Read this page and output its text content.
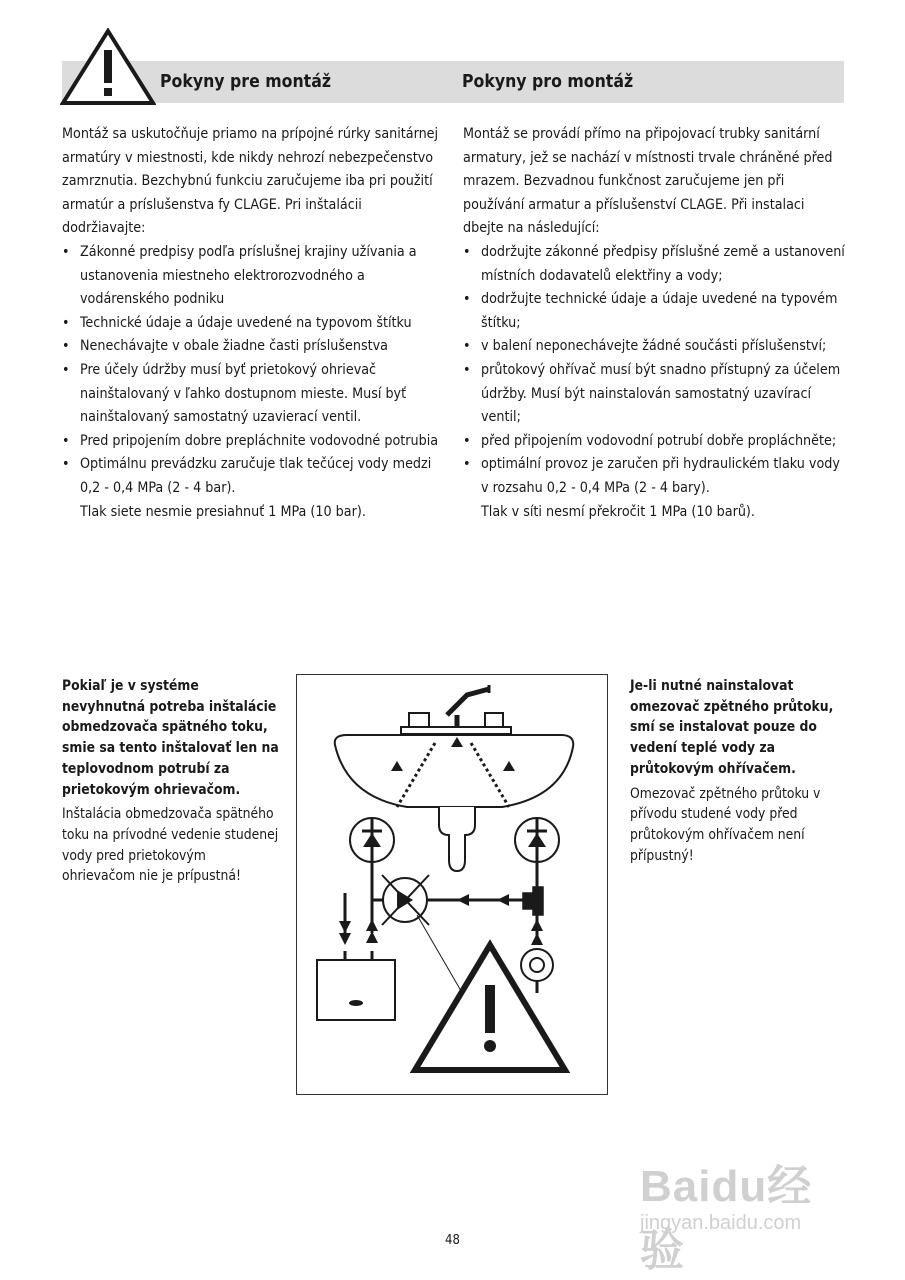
Pokyny pre montáž	Pokyny pro montáž

Montáž sa uskutočňuje priamo na prípojné rúrky sanitárnej armatúry v miestnosti, kde nikdy nehrozí nebezpečenstvo zamrznutia. Bezchybnú funkciu zaručujeme iba pri použití armatúr a príslušenstva fy CLAGE. Pri inštalácii dodržiavajte:

• Zákonné predpisy podľa príslušnej krajiny užívania a ustanovenia miestneho elektrorozvodného a vodárenského podniku
• Technické údaje a údaje uvedené na typovom štítku
• Nenechávajte v obale žiadne časti príslušenstva
• Pre účely údržby musí byť prietokový ohrievač nainštalovaný v ľahko dostupnom mieste. Musí byť nainštalovaný samostatný uzavierací ventil.
• Pred pripojením dobre prepláchnite vodovodné potrubia
• Optimálnu prevádzku zaručuje tlak tečúcej vody medzi 0,2 - 0,4 MPa (2 - 4 bar).
Tlak siete nesmie presiahnuť 1 MPa (10 bar).

Montáž se provádí přímo na připojovací trubky sanitární armatury, jež se nachází v místnosti trvale chráněné před mrazem. Bezvadnou funkčnost zaručujeme jen při používání armatur a příslušenství CLAGE. Při instalaci dbejte na následující:

• dodržujte zákonné předpisy příslušné země a ustanovení místních dodavatelů elektřiny a vody;
• dodržujte technické údaje a údaje uvedené na typovém štítku;
• v balení neponechávejte žádné součásti příslušenství;
• průtokový ohřívač musí být snadno přístupný za účelem údržby. Musí být nainstalován samostatný uzavírací ventil;
• před připojením vodovodní potrubí dobře propláchněte;
• optimální provoz je zaručen při hydraulickém tlaku vody v rozsahu 0,2 - 0,4 MPa (2 - 4 bary).
Tlak v síti nesmí překročit 1 MPa (10 barů).
Pokiaľ je v systéme nevyhnutná potreba inštalácie obmedzovača spätného toku, smie sa tento inštalovať len na teplovodnom potrubí za prietokovým ohrievačom.
Inštalácia obmedzovača spätného toku na prívodné vedenie studenej vody pred prietokovým ohrievačom nie je prípustná!
Je-li nutné nainstalovat omezovač zpětného průtoku, smí se instalovat pouze do vedení teplé vody za průtokovým ohřívačem.
Omezovač zpětného průtoku v přívodu studené vody před průtokovým ohřívačem není přípustný!
48
Baidu经验
jingyan.baidu.com
